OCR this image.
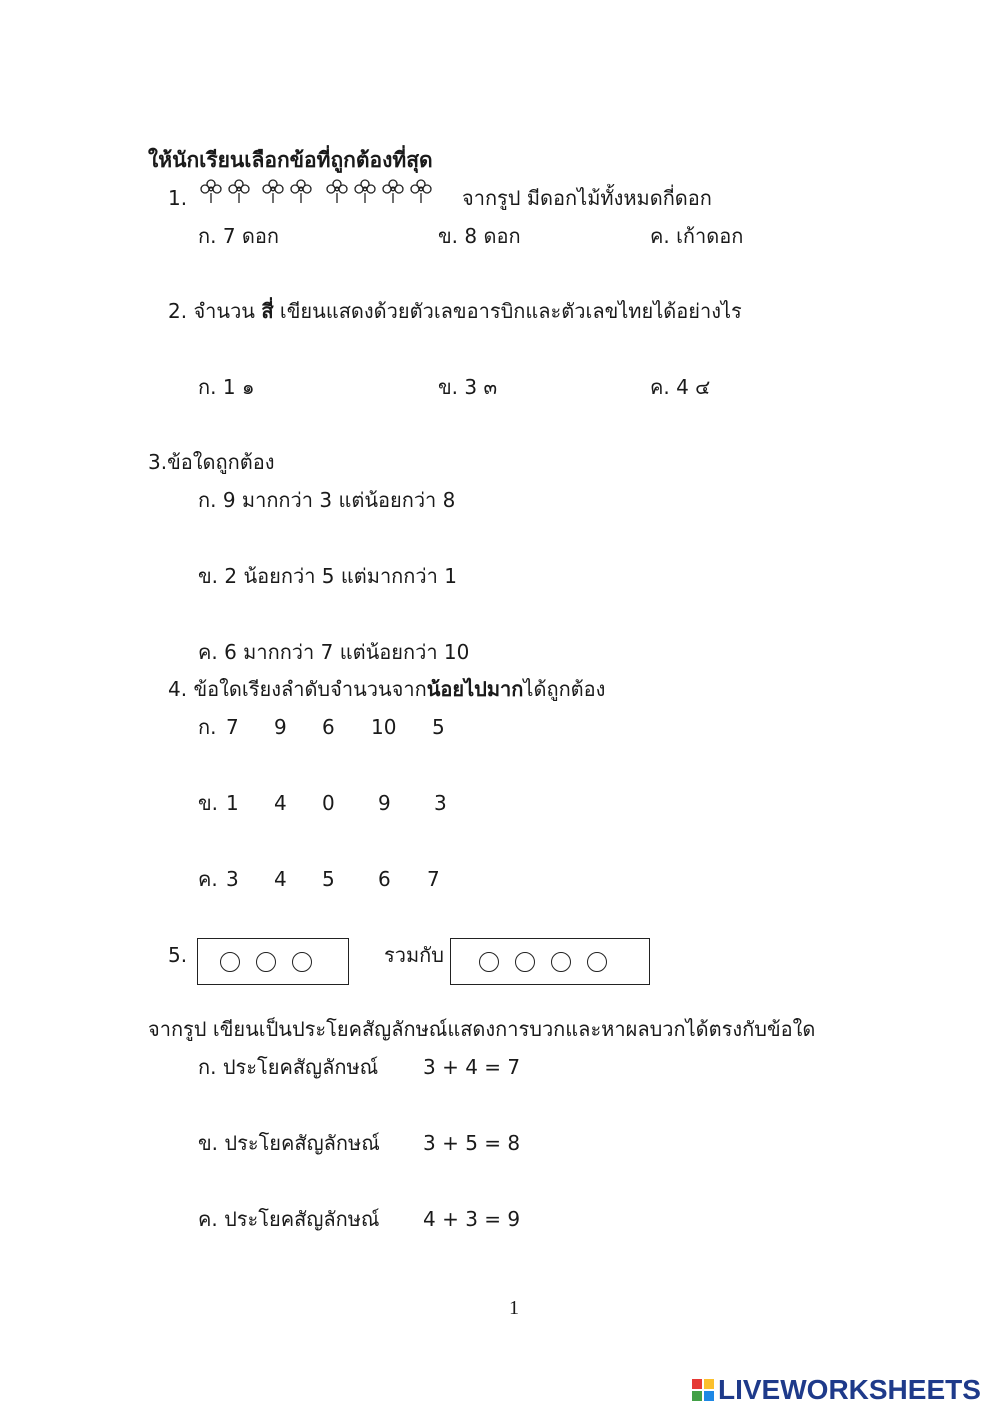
ให้นักเรียนเลือกข้อที่ถูกต้องที่สุด
1.	จากรูป มีดอกไม้ทั้งหมดกี่ดอก
ก. 7 ดอก	ข. 8 ดอก	ค. เก้าดอก
2. จำนวน สี่ เขียนแสดงด้วยตัวเลขอารบิกและตัวเลขไทยได้อย่างไร
ก. 1 ๑	ข. 3 ๓	ค. 4 ๔
3.ข้อใดถูกต้อง
ก. 9 มากกว่า 3 แต่น้อยกว่า 8
ข. 2 น้อยกว่า 5 แต่มากกว่า 1
ค. 6 มากกว่า 7 แต่น้อยกว่า 10
4. ข้อใดเรียงลำดับจำนวนจากน้อยไปมากได้ถูกต้อง
ก. 7 9 6 10 5
ข. 1 4 0 9 3
ค. 3 4 5 6 7
5.	รวมกับ
จากรูป เขียนเป็นประโยคสัญลักษณ์แสดงการบวกและหาผลบวกได้ตรงกับข้อใด
ก. ประโยคสัญลักษณ์ 3 + 4 = 7
ข. ประโยคสัญลักษณ์ 3 + 5 = 8
ค. ประโยคสัญลักษณ์ 4 + 3 = 9
1
LIVEWORKSHEETS
